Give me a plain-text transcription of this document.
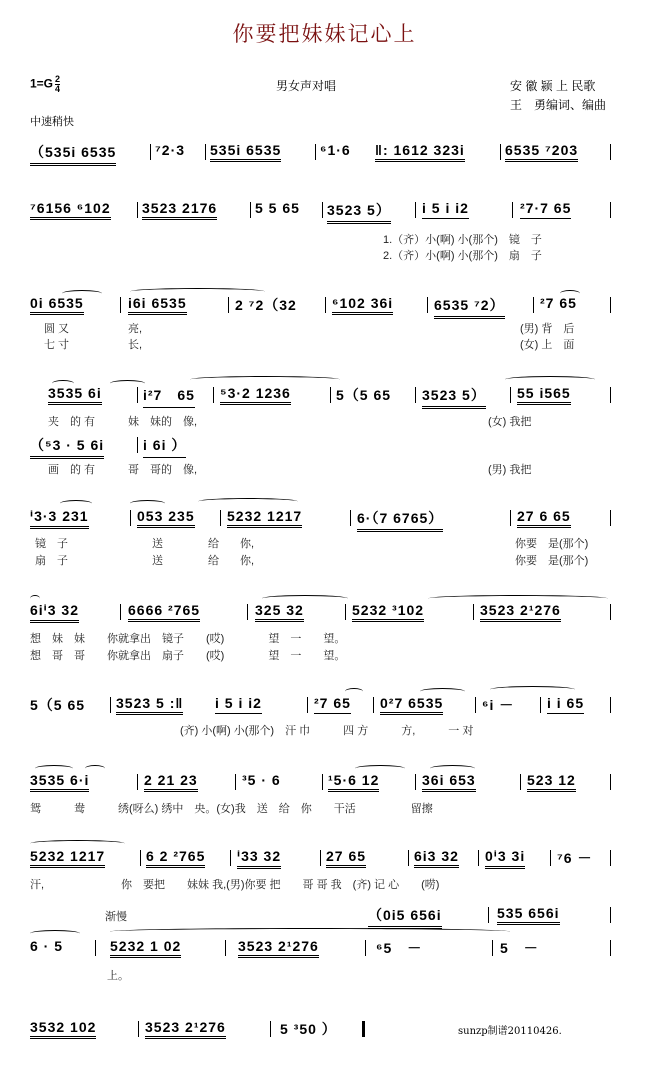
你要把妹妹记心上
$1=G \frac{2}{4}$	男女声对唱	安 徽 颍 上 民歌
王　勇编词、编曲
中速稍快
（535i 6535	⁷2·3 535i 6535	⁶1·6 ‖: 1612 323i	6535 ⁷203
⁷6156 ⁶102 3523 2176	5 5 65 3523 5） i 5 i i2	²7·7 65
1.（齐）小(啊) 小(那个)　镜　子
2.（齐）小(啊) 小(那个)　扇　子
0i 6535	i6i 6535	2 ⁷2（32	⁶102 36i	6535 ⁷2）	²7 65
圆 又	亮,	(男) 背　后
七 寸	长,	(女) 上　面
3535 6i	i²7　65 ⁵3·2 1236	5（5 65 3523 5） 55 i565
夹　的 有　　　妹　妹的　像,	(女) 我把
（⁵3 · 5 6i	i 6i ）
画　的 有　　　哥　哥的　像,	(男) 我把
ⁱ3·3 231	053 235 5232 1217	6·（7 6765）	27 6 65
镜　子	送	给 你,	你要　是(那个)
扇　子	送	给 你,	你要　是(那个)
6iⁱ3 32	6666 ²765	325 32	5232 ³102	3523 2¹276
想　妹　妹　　你就拿出　镜子　　(哎)　　　　望　一　　望。
想　哥　哥　　你就拿出　扇子　　(哎)　　　　望　一　　望。
5（5 65 3523 5 :‖ i 5 i i2	²7 65 0²7 6535	⁶i － i i 65
(齐) 小(啊) 小(那个)　汗 巾　　　四 方　　　方,　　　一 对
3535 6·i	2 21 23	³5 · 6	¹5·6 12	36i 653	523 12
鸳　　　鸯　　　绣(呀么) 绣中　央。(女)我　送　给　你　　干活　　　　　留擦
5232 1217	6 2 ²765 ⁱ33 32	27 65	6i3 32 0ⁱ3 3i ⁷6 －
汗,　　　　　　　你　要把　　妹妹 我,(男)你要 把　　哥 哥 我　(齐) 记 心　　(唠)
渐慢	（0i5 656i	535 656i
6 · 5	5232 1 02	3523 2¹276	⁶5　－	5　－
上。
3532 102	3523 2¹276	5 ³50 ）	sunzp制谱20110426.
